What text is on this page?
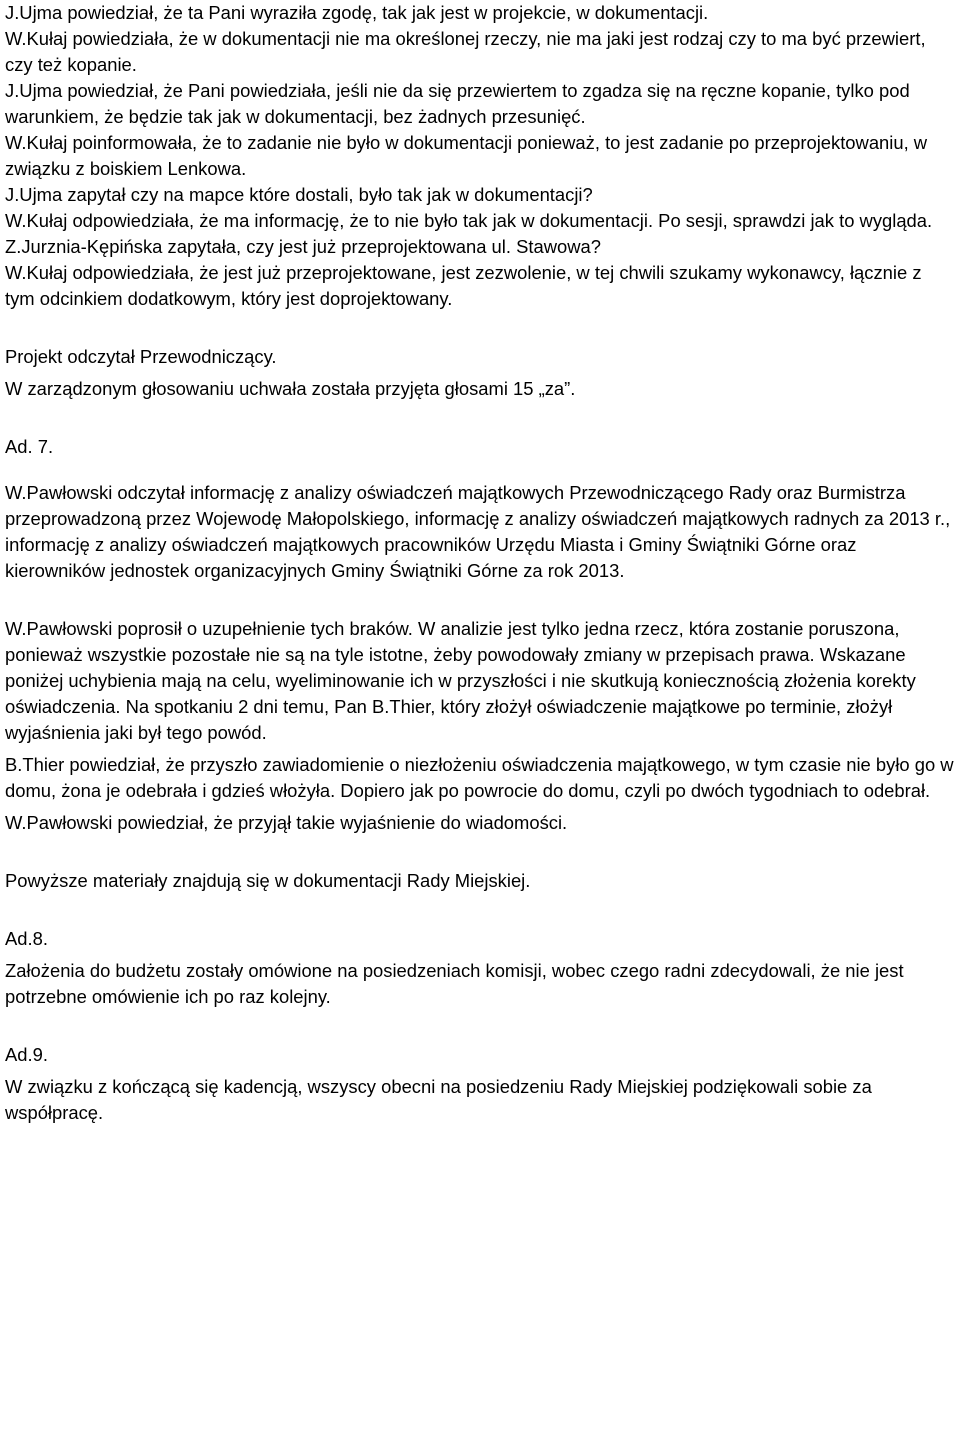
J.Ujma powiedział, że ta Pani wyraziła zgodę, tak jak jest w projekcie, w dokumentacji.

W.Kułaj powiedziała, że w dokumentacji nie ma określonej rzeczy, nie ma jaki jest rodzaj czy to ma być przewiert, czy też kopanie.

J.Ujma powiedział, że Pani powiedziała, jeśli nie da się przewiertem to zgadza się na ręczne kopanie, tylko pod warunkiem, że będzie tak jak w dokumentacji, bez żadnych przesunięć.

W.Kułaj poinformowała, że to zadanie nie było w dokumentacji ponieważ, to jest zadanie po przeprojektowaniu, w związku z boiskiem Lenkowa.

J.Ujma zapytał czy na mapce które dostali, było tak jak w dokumentacji?

W.Kułaj odpowiedziała, że ma informację, że to nie było tak jak w dokumentacji. Po sesji, sprawdzi jak to wygląda.

Z.Jurznia-Kępińska zapytała, czy jest już przeprojektowana ul. Stawowa?

W.Kułaj odpowiedziała, że jest już przeprojektowane, jest zezwolenie, w tej chwili szukamy wykonawcy, łącznie z tym odcinkiem dodatkowym, który jest doprojektowany.

Projekt odczytał Przewodniczący.

W zarządzonym głosowaniu uchwała została przyjęta głosami 15 „za”.

Ad. 7.

W.Pawłowski odczytał informację z analizy oświadczeń majątkowych Przewodniczącego Rady oraz Burmistrza przeprowadzoną przez Wojewodę Małopolskiego, informację z analizy oświadczeń majątkowych radnych za 2013 r., informację z analizy oświadczeń majątkowych pracowników Urzędu Miasta i Gminy Świątniki Górne oraz kierowników jednostek organizacyjnych Gminy Świątniki Górne za rok 2013.

W.Pawłowski poprosił o uzupełnienie tych braków. W analizie jest tylko jedna rzecz, która zostanie poruszona, ponieważ wszystkie pozostałe nie są na tyle istotne, żeby powodowały zmiany w przepisach prawa. Wskazane poniżej uchybienia mają na celu, wyeliminowanie ich w przyszłości i nie skutkują koniecznością złożenia korekty oświadczenia. Na spotkaniu 2 dni temu, Pan B.Thier, który złożył oświadczenie majątkowe po terminie, złożył wyjaśnienia jaki był tego powód.

B.Thier powiedział, że przyszło zawiadomienie o niezłożeniu oświadczenia majątkowego, w tym czasie nie było go w domu, żona je odebrała i gdzieś włożyła. Dopiero jak po powrocie do domu, czyli po dwóch tygodniach to odebrał.

W.Pawłowski powiedział, że przyjął takie wyjaśnienie do wiadomości.

Powyższe materiały znajdują się w dokumentacji Rady Miejskiej.

Ad.8.

Założenia do budżetu zostały omówione na posiedzeniach komisji, wobec czego radni zdecydowali, że nie jest potrzebne omówienie ich po raz kolejny.

Ad.9.

W związku z kończącą się kadencją, wszyscy obecni na posiedzeniu Rady Miejskiej podziękowali sobie za współpracę.
